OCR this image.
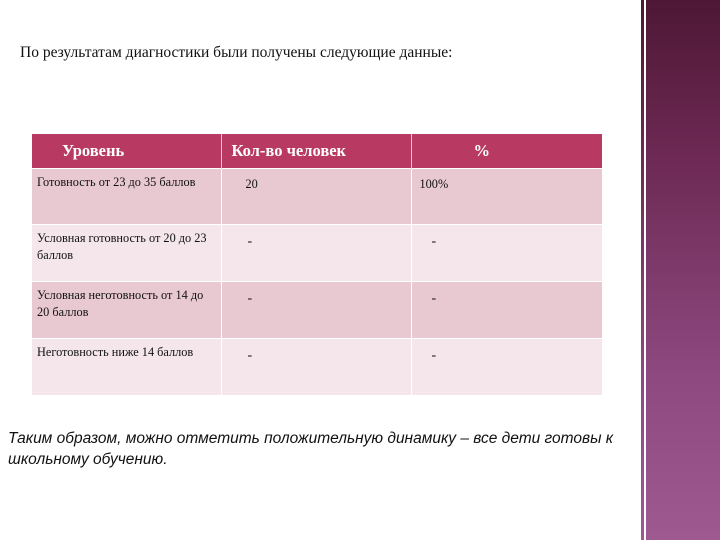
По результатам диагностики были получены следующие данные:
Уровень	Кол-во человек	%
Готовность от 23 до 35 баллов	20	100%
Условная готовность от 20 до 23 баллов	-	-
Условная неготовность от 14 до 20 баллов	-	-
Неготовность ниже 14 баллов	-	-
Таким образом, можно отметить положительную динамику – все дети готовы к школьному обучению.
